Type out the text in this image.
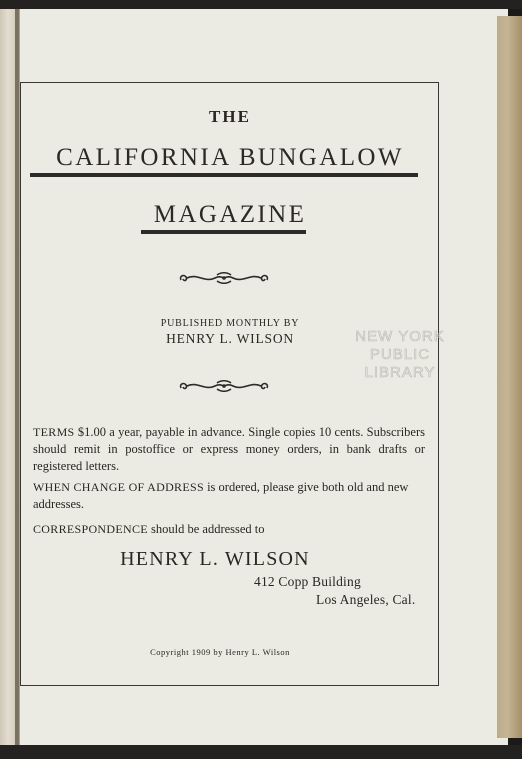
THE
CALIFORNIA BUNGALOW
MAGAZINE
PUBLISHED MONTHLY BY
HENRY L. WILSON	NEW YORK
PUBLIC
LIBRARY
TERMS $1.00 a year, payable in advance. Single copies 10 cents. Subscribers should remit in postoffice or express money orders, in bank drafts or registered letters.
WHEN CHANGE OF ADDRESS is ordered, please give both old and new addresses.
CORRESPONDENCE should be addressed to
HENRY L. WILSON
412 Copp Building
Los Angeles, Cal.
Copyright 1909 by Henry L. Wilson
